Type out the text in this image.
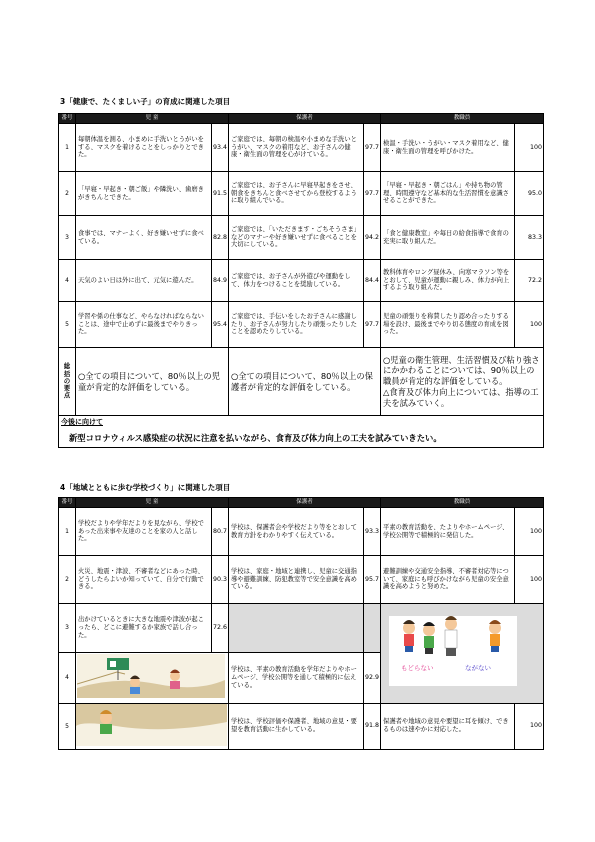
3「健康で、たくましい子」の育成に関連した項目
番号	児 童		保護者		教職員	
1	毎朝体温を測る、小まめに手洗いとうがいをする、マスクを着けることをしっかりとできた。	93.4	ご家庭では、毎朝の検温や小まめな手洗いとうがい、マスクの着用など、お子さんの健康・衛生面の管理を心がけている。	97.7	検温・手洗い・うがい・マスク着用など、健康・衛生面の管理を呼びかけた。	100
2	「早寝・早起き・朝ご飯」や隣洗い、歯磨きがきちんとできた。	91.5	ご家庭では、お子さんに早寝早起きをさせ、朝食をきちんと食べさせてから登校するように取り組んでいる。	97.7	「早寝・早起き・朝ごはん」や持ち物の管理、時間遵守など基本的な生活習慣を意識させることができた。	95.0
3	食事では、マナーよく、好き嫌いせずに食べている。	82.8	ご家庭では、「いただきます・ごちそうさま」などのマナーや好き嫌いせずに食べることを大切にしている。	94.2	「食と健康教室」や毎日の給食指導で食育の充実に取り組んだ。	83.3
4	天気のよい日は外に出て、元気に遊んだ。	84.9	ご家庭では、お子さんが外遊びや運動をして、体力をつけることを奨励している。	84.4	教科体育やロング昼休み、向寒マラソン等をとおして、児童が運動に親しみ、体力が向上するよう取り組んだ。	72.2
5	学習や係の仕事など、やらなければならないことは、途中で止めずに最後までやりきった。	95.4	ご家庭では、手伝いをしたお子さんに感謝したり、お子さんが努力したり頑張ったりしたことを認めたりしている。	97.7	児童の頑張りを称賛したり認め合ったりする場を設け、最後までやり切る態度の育成を図った。	100

総
括
の
要
点	○全ての項目について、80％以上の児童が肯定的な評価をしている。		○全ての項目について、80％以上の保護者が肯定的な評価をしている。		○児童の衛生管理、生活習慣及び粘り強さにかかわることについては、90％以上の職員が肯定的な評価をしている。
△食育及び体力向上については、指導の工夫を試みていく。	
今後に向けて						
新型コロナウィルス感染症の状況に注意を払いながら、食育及び体力向上の工夫を試みていきたい。						
4「地域とともに歩む学校づくり」に関連した項目
番号	児 童		保護者		教職員	
1	学校だよりや学年だよりを見ながら、学校であった出来事や友達のことを家の人と話した。	80.7	学校は、保護者会や学校だより等をとおして教育方針をわかりやすく伝えている。	93.3	平素の教育活動を、たよりやホームページ、学校公開等で積極的に発信した。	100
2	火災、地震・津波、不審者などにあった時、どうしたらよいか知っていて、自分で行動できる。	90.3	学校は、家庭・地域と連携し、児童に交通指導や避難訓練、防犯教室等で安全意識を高めている。	95.7	避難訓練や交通安全指導、不審者対応等について、家庭にも呼びかけながら児童の安全意識を高めようと努めた。	100
3	出かけているときに大きな地震や津波が起こったら、どこに避難するか家族で話し合った。	72.6			もどらない ながない	

4			学校は、平素の教育活動を学年だよりやホームページ、学校公開等を通して積極的に伝えている。	92.9		
5			学校は、学校評価や保護者、地域の意見・要望を教育活動に生かしている。	91.8	保護者や地域の意見や要望に耳を傾け、できるものは速やかに対応した。	100
